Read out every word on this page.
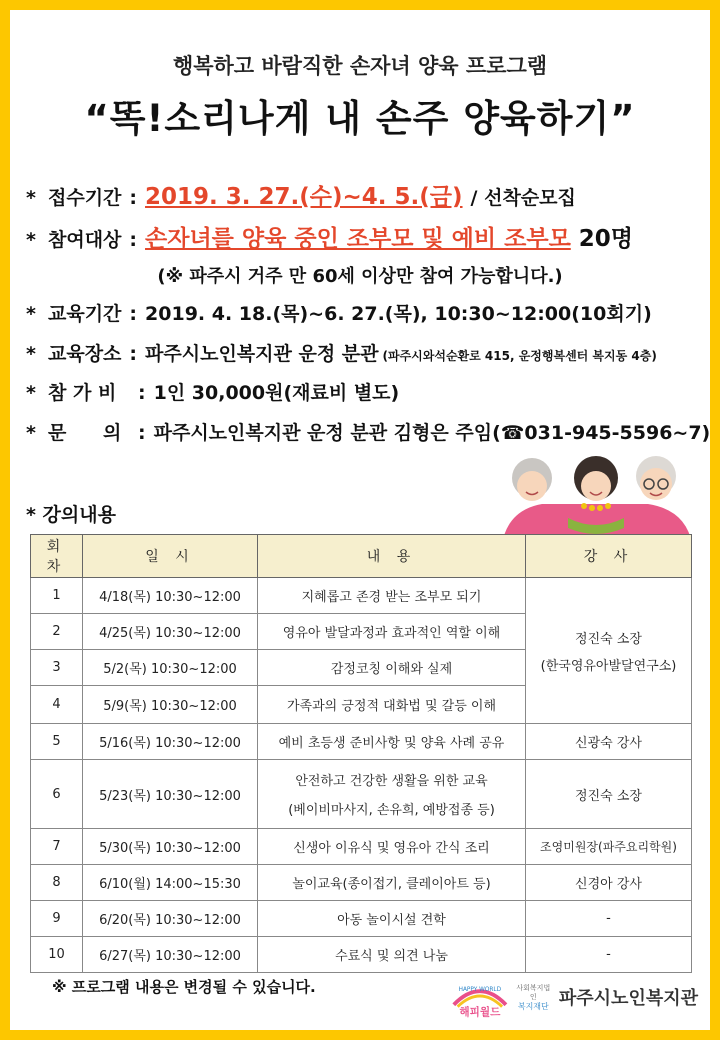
행복하고 바람직한 손자녀 양육 프로그램
“똑!소리나게 내 손주 양육하기”
* 접수기간 : 2019. 3. 27.(수)~4. 5.(금) / 선착순모집
* 참여대상 : 손자녀를 양육 중인 조부모 및 예비 조부모 20명
(※ 파주시 거주 만 60세 이상만 참여 가능합니다.)
* 교육기간 : 2019. 4. 18.(목)~6. 27.(목), 10:30~12:00(10회기)
* 교육장소 : 파주시노인복지관 운정 분관 (파주시와석순환로 415, 운정행복센터 복지동 4층)
* 참 가 비	: 1인 30,000원(재료비 별도)
* 문 의 : 파주시노인복지관 운정 분관 김형은 주임(☎031-945-5596~7)
* 강의내용
회 차	일 시	내 용	강 사
1	4/18(목) 10:30~12:00	지혜롭고 존경 받는 조부모 되기	정진숙 소장
(한국영유아발달연구소)

2	4/25(목) 10:30~12:00	영유아 발달과정과 효과적인 역할 이해	
3	5/2(목) 10:30~12:00	감정코칭 이해와 실제	
4	5/9(목) 10:30~12:00	가족과의 긍정적 대화법 및 갈등 이해	
5	5/16(목) 10:30~12:00	예비 초등생 준비사항 및 양육 사례 공유	신광숙 강사
6	5/23(목) 10:30~12:00	안전하고 건강한 생활을 위한 교육
(베이비마사지, 손유희, 예방접종 등)	정진숙 소장
7	5/30(목) 10:30~12:00	신생아 이유식 및 영유아 간식 조리	조영미원장(파주요리학원)
8	6/10(월) 14:00~15:30	놀이교육(종이접기, 클레이아트 등)	신경아 강사
9	6/20(목) 10:30~12:00	아동 놀이시설 견학	-
10	6/27(목) 10:30~12:00	수료식 및 의견 나눔	-
※ 프로그램 내용은 변경될 수 있습니다.	HAPPY WORLD
해피월드
사회복지법인
복지재단 파주시노인복지관
